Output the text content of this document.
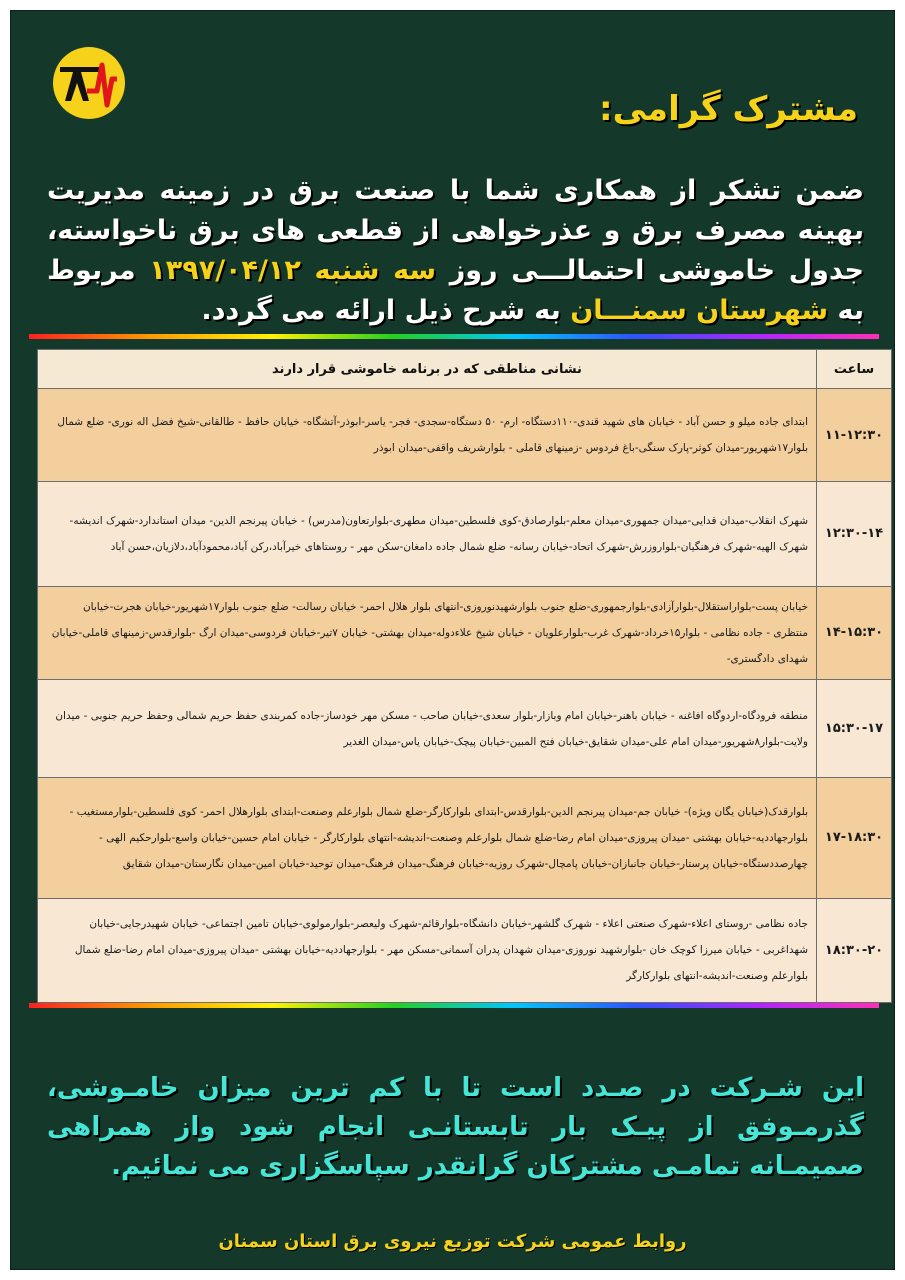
مشترک گرامی:
ضمن تشکر از همکاری شما با صنعت برق در زمینه مدیریت بهینه مصرف برق و عذرخواهی از قطعی های برق ناخواسته، جدول خاموشی احتمالـــی روز سه شنبه ۱۳۹۷/۰۴/۱۲ مربوط به شهرستان سمنـــان به شرح ذیل ارائه می گردد.
ساعت	نشانی مناطقی که در برنامه خاموشی قرار دارند
۱۱-۱۲:۳۰	ابتدای جاده میلو و حسن آباد - خیابان های شهید قندی-۱۱۰دستگاه- ارم- ۵۰ دستگاه-سجدی- فجر- یاسر-ابوذر-آتشگاه- خیابان حافظ - طالقانی-شیخ فضل اله نوری- ضلع شمال بلوار۱۷شهریور-میدان کوثر-پارک سنگی-باغ فردوس -زمینهای قاملی - بلوارشریف واقفی-میدان ابوذر
۱۲:۳۰-۱۴	شهرک انقلاب-میدان قدایی-میدان جمهوری-میدان معلم-بلوارصادق-کوی فلسطین-میدان مطهری-بلوارتعاون(مدرس) - خیابان پیرنجم الدین- میدان استاندارد-شهرک اندیشه-شهرک الهیه-شهرک فرهنگیان-بلواروزرش-شهرک اتحاد-خیابان رسانه- ضلع شمال جاده دامغان-سکن مهر - روستاهای خیرآباد،رکن آباد،محمودآباد،دلازیان،حسن آباد
۱۴-۱۵:۳۰	خیابان پست-بلواراستقلال-بلوارآزادی-بلوارجمهوری-ضلع جنوب بلوارشهیدنوروزی-انتهای بلوار هلال احمر- خیابان رسالت- ضلع جنوب بلوار۱۷شهریور-خیابان هجرت-خیابان منتظری - جاده نظامی - بلوار۱۵خرداد-شهرک غرب-بلوارعلویان - خیابان شیخ علاءدوله-میدان بهشتی- خیابان ۷تیر-خیابان فردوسی-میدان ارگ -بلوارقدس-زمینهای قاملی-خیابان شهدای دادگستری-
۱۵:۳۰-۱۷	منطقه فرودگاه-اردوگاه افاغنه - خیابان باهنر-خیابان امام وبازار-بلوار سعدی-خیابان صاحب - مسکن مهر خودساز-جاده کمربندی حفظ حریم شمالی وحفظ حریم جنوبی - میدان ولایت-بلوار۸شهریور-میدان امام علی-میدان شقایق-خیابان فتح المبین-خیابان پیچک-خیابان یاس-میدان الغدیر
۱۷-۱۸:۳۰	بلوارقدک(خیابان یگان ویژه)- خیابان جم-میدان پیرنجم الدین-بلوارقدس-ابتدای بلوارکارگر-ضلع شمال بلوارعلم وصنعت-ابتدای بلوارهلال احمر- کوی فلسطین-بلوارمستغیب - بلوارجهاددیه-خیابان بهشتی -میدان پیروزی-میدان امام رضا-ضلع شمال بلوارعلم وصنعت-اندیشه-انتهای بلوارکارگر - خیابان امام حسین-خیابان واسع-بلوارحکیم الهی - چهارصددستگاه-خیابان پرستار-خیابان جانبازان-خیابان پامچال-شهرک روزیه-خیابان فرهنگ-میدان فرهنگ-میدان توحید-خیابان امین-میدان نگارستان-میدان شقایق
۱۸:۳۰-۲۰	جاده نظامی -روستای اعلاء-شهرک صنعتی اعلاء - شهرک گلشهر-خیابان دانشگاه-بلوارقائم-شهرک ولیعصر-بلوارمولوی-خیابان تامین اجتماعی- خیابان شهیدرجایی-خیابان شهداغربی - خیابان میرزا کوچک خان -بلوارشهید نوروزی-میدان شهدان پدران آسمانی-مسکن مهر - بلوارجهاددیه-خیابان بهشتی -میدان پیروزی-میدان امام رضا-ضلع شمال بلوارعلم وصنعت-اندیشه-انتهای بلوارکارگر
این شـرکت در صـدد است تا با کم ترین میزان خامـوشی، گذرمـوفق از پیـک بار تابستانـی انجام شود واز همراهی صمیمـانه تمامـی مشترکان گرانقدر سپاسگزاری می نمائیم.
روابط عمومی شرکت توزیع نیروی برق استان سمنان
